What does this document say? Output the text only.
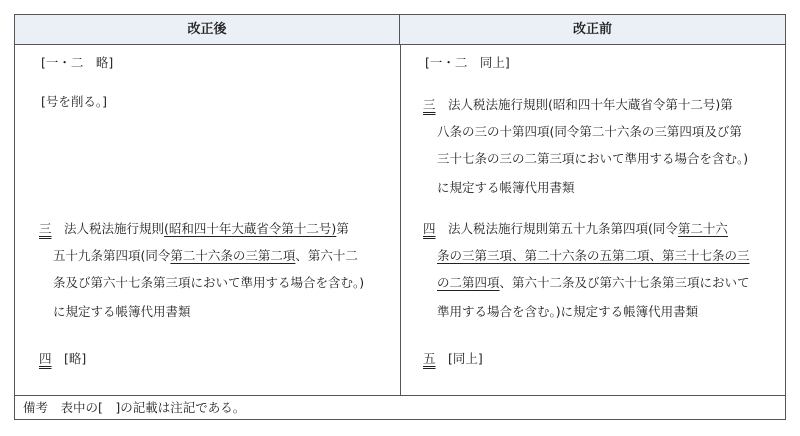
改正後	改正前
[一・二　略]
[号を削る。]
三　 法人税法施行規則(昭和四十年大蔵省令第十二号)第
五十九条第四項(同令第二十六条の三第二項、第六十二
条及び第六十七条第三項において準用する場合を含む。)
に規定する帳簿代用書類
四　 [略]
[一・二　同上]
三　 法人税法施行規則(昭和四十年大蔵省令第十二号)第
八条の三の十第四項(同令第二十六条の三第四項及び第
三十七条の三の二第三項において準用する場合を含む。)
に規定する帳簿代用書類
四　 法人税法施行規則第五十九条第四項(同令第二十六
条の三第三項、第二十六条の五第二項、第三十七条の三
の二第四項、第六十二条及び第六十七条第三項において
準用する場合を含む。)に規定する帳簿代用書類
五　 [同上]
備考　表中の[　]の記載は注記である。
